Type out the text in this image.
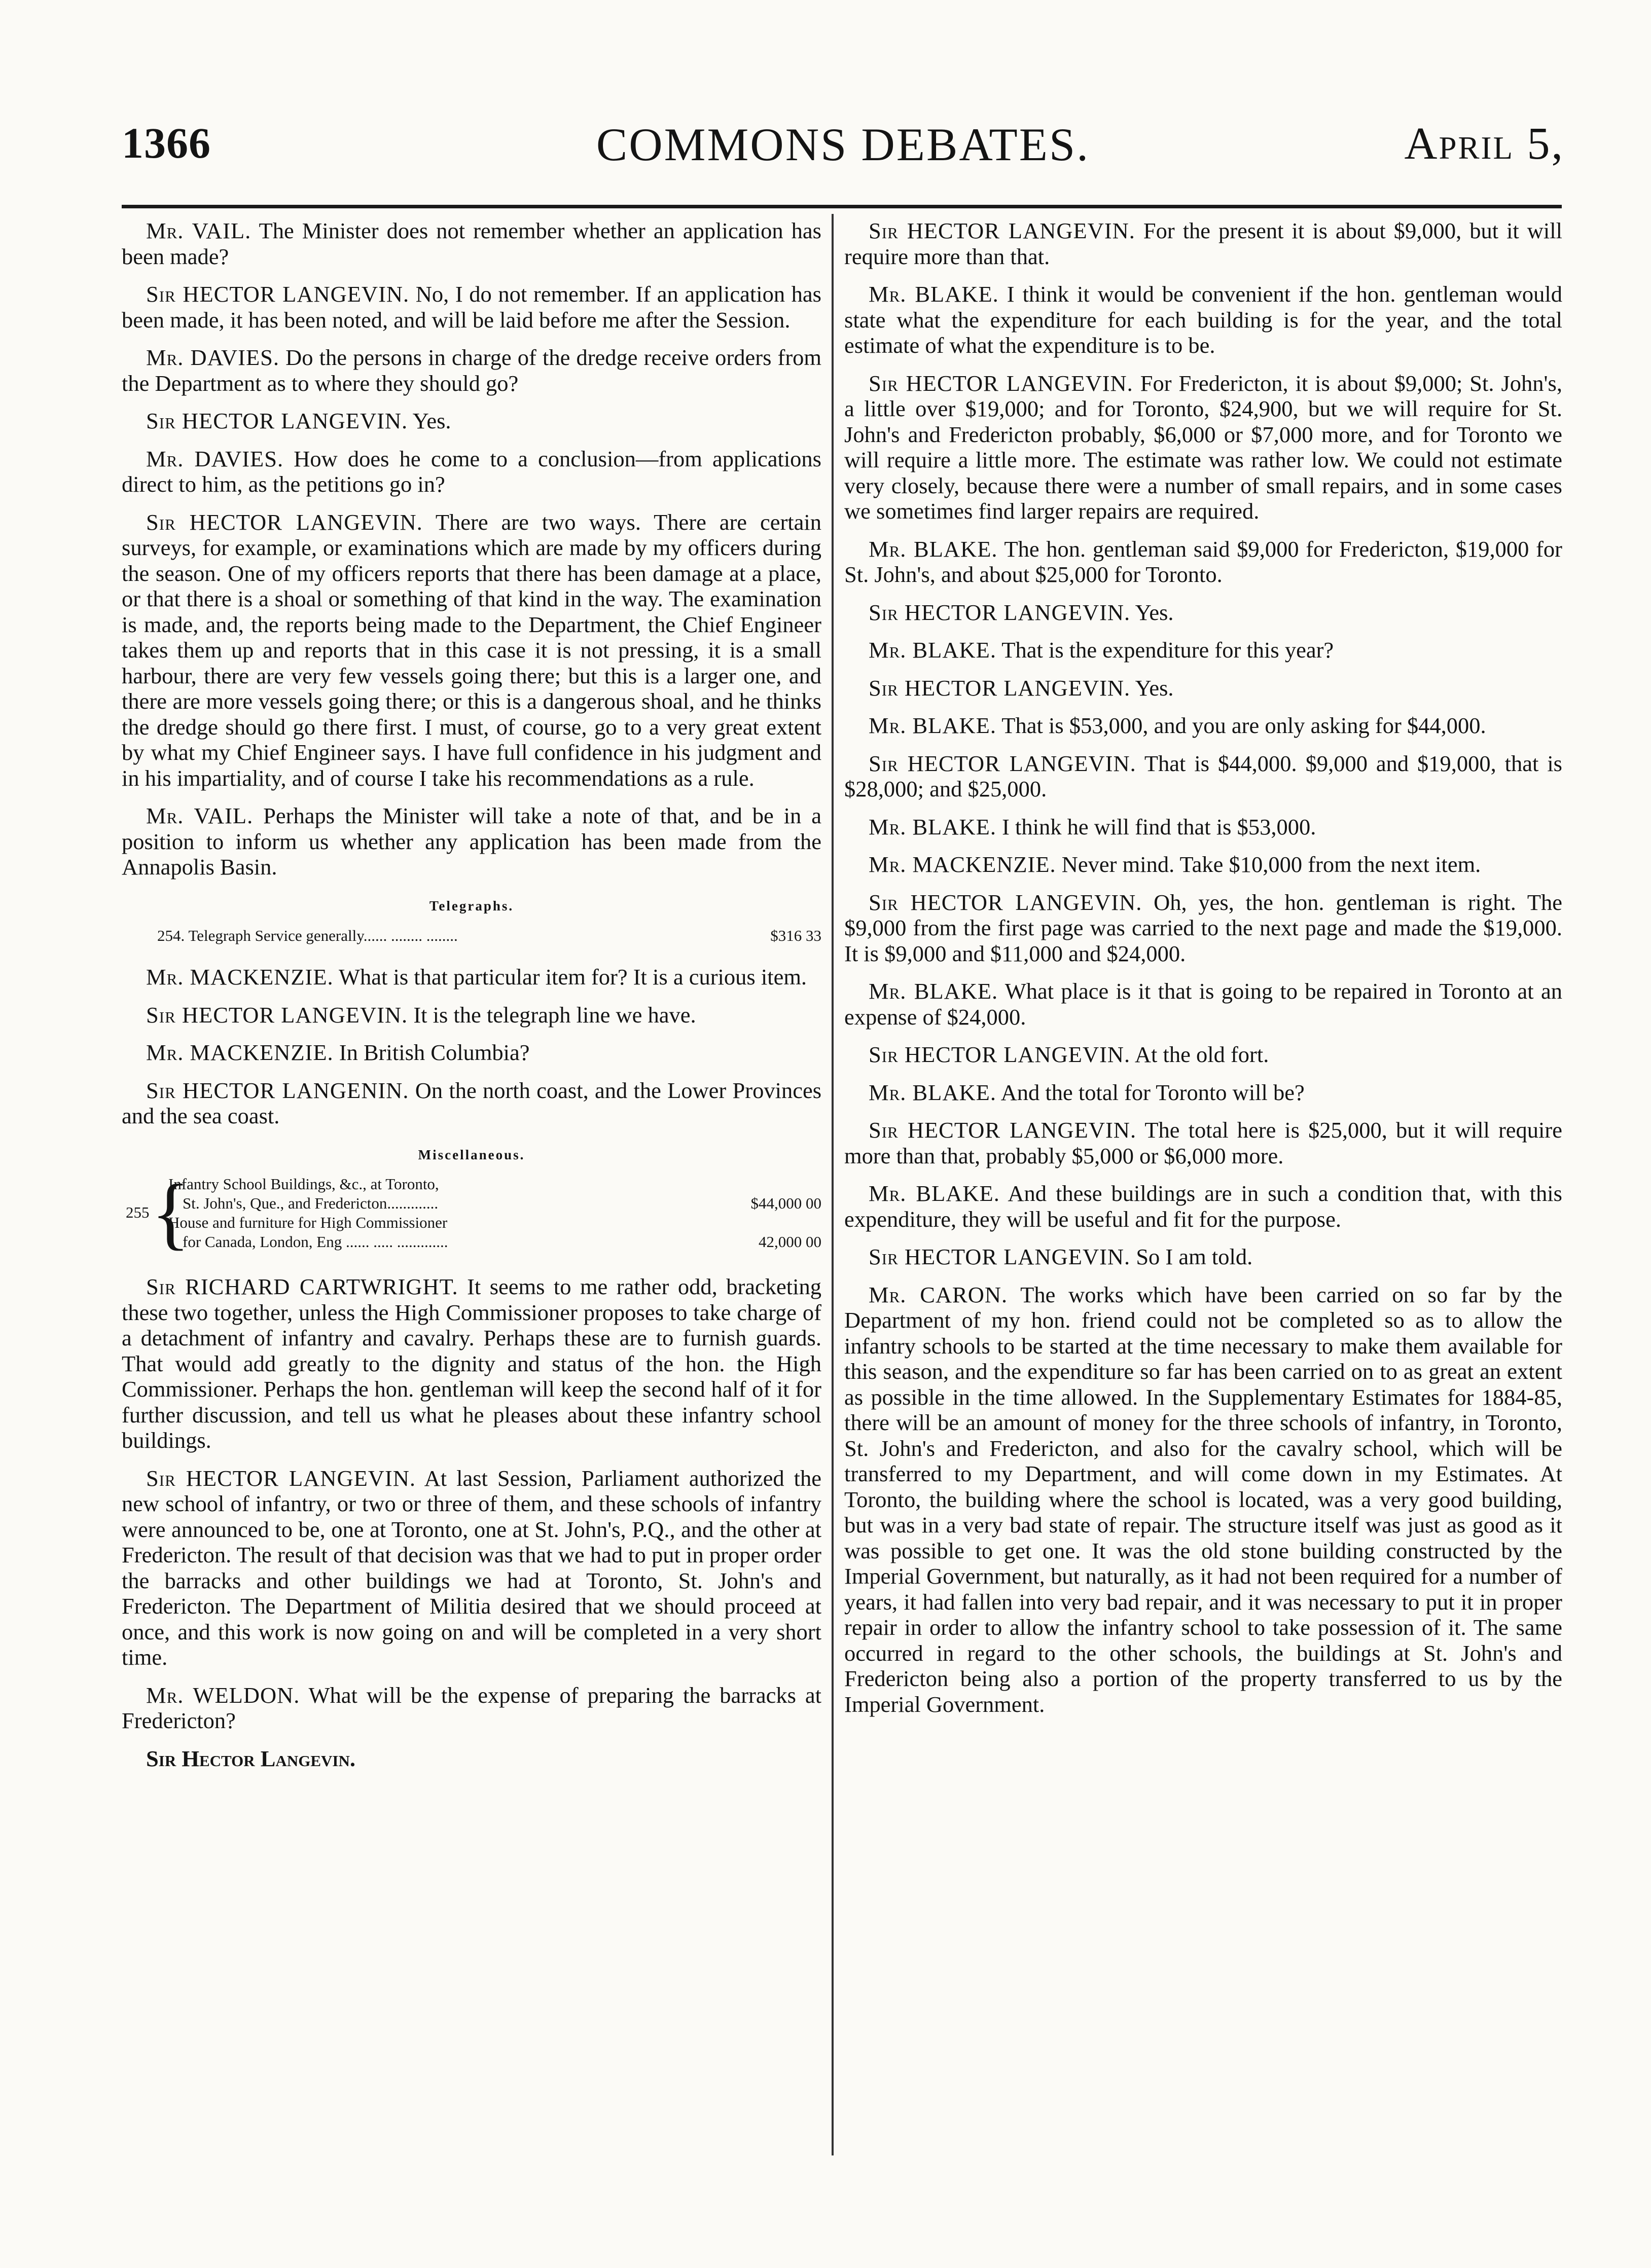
1366	COMMONS DEBATES.	April 5,

Mr. VAIL. The Minister does not remember whether an application has been made?

Sir HECTOR LANGEVIN. No, I do not remember. If an application has been made, it has been noted, and will be laid before me after the Session.

Mr. DAVIES. Do the persons in charge of the dredge receive orders from the Department as to where they should go?

Sir HECTOR LANGEVIN. Yes.

Mr. DAVIES. How does he come to a conclusion—from applications direct to him, as the petitions go in?

Sir HECTOR LANGEVIN. There are two ways. There are certain surveys, for example, or examinations which are made by my officers during the season. One of my officers reports that there has been damage at a place, or that there is a shoal or something of that kind in the way. The examination is made, and, the reports being made to the Department, the Chief Engineer takes them up and reports that in this case it is not pressing, it is a small harbour, there are very few vessels going there; but this is a larger one, and there are more vessels going there; or this is a dangerous shoal, and he thinks the dredge should go there first. I must, of course, go to a very great extent by what my Chief Engineer says. I have full confidence in his judgment and in his impartiality, and of course I take his recommendations as a rule.

Mr. VAIL. Perhaps the Minister will take a note of that, and be in a position to inform us whether any application has been made from the Annapolis Basin.

Telegraphs.
254. Telegraph Service generally...... ........ ........	$316 33

Mr. MACKENZIE. What is that particular item for? It is a curious item.

Sir HECTOR LANGEVIN. It is the telegraph line we have.

Mr. MACKENZIE. In British Columbia?

Sir HECTOR LANGENIN. On the north coast, and the Lower Provinces and the sea coast.

Miscellaneous.
255 {
Infantry School Buildings, &c., at Toronto,
St. John's, Que., and Fredericton.............	$44,000 00
House and furniture for High Commissioner
for Canada, London, Eng ...... ..... .............	42,000 00

Sir RICHARD CARTWRIGHT. It seems to me rather odd, bracketing these two together, unless the High Commissioner proposes to take charge of a detachment of infantry and cavalry. Perhaps these are to furnish guards. That would add greatly to the dignity and status of the hon. the High Commissioner. Perhaps the hon. gentleman will keep the second half of it for further discussion, and tell us what he pleases about these infantry school buildings.

Sir HECTOR LANGEVIN. At last Session, Parliament authorized the new school of infantry, or two or three of them, and these schools of infantry were announced to be, one at Toronto, one at St. John's, P.Q., and the other at Fredericton. The result of that decision was that we had to put in proper order the barracks and other buildings we had at Toronto, St. John's and Fredericton. The Department of Militia desired that we should proceed at once, and this work is now going on and will be completed in a very short time.

Mr. WELDON. What will be the expense of preparing the barracks at Fredericton?

Sir Hector Langevin.

Sir HECTOR LANGEVIN. For the present it is about $9,000, but it will require more than that.

Mr. BLAKE. I think it would be convenient if the hon. gentleman would state what the expenditure for each building is for the year, and the total estimate of what the expenditure is to be.

Sir HECTOR LANGEVIN. For Fredericton, it is about $9,000; St. John's, a little over $19,000; and for Toronto, $24,900, but we will require for St. John's and Fredericton probably, $6,000 or $7,000 more, and for Toronto we will require a little more. The estimate was rather low. We could not estimate very closely, because there were a number of small repairs, and in some cases we sometimes find larger repairs are required.

Mr. BLAKE. The hon. gentleman said $9,000 for Fredericton, $19,000 for St. John's, and about $25,000 for Toronto.

Sir HECTOR LANGEVIN. Yes.

Mr. BLAKE. That is the expenditure for this year?

Sir HECTOR LANGEVIN. Yes.

Mr. BLAKE. That is $53,000, and you are only asking for $44,000.

Sir HECTOR LANGEVIN. That is $44,000. $9,000 and $19,000, that is $28,000; and $25,000.

Mr. BLAKE. I think he will find that is $53,000.

Mr. MACKENZIE. Never mind. Take $10,000 from the next item.

Sir HECTOR LANGEVIN. Oh, yes, the hon. gentleman is right. The $9,000 from the first page was carried to the next page and made the $19,000. It is $9,000 and $11,000 and $24,000.

Mr. BLAKE. What place is it that is going to be repaired in Toronto at an expense of $24,000.

Sir HECTOR LANGEVIN. At the old fort.

Mr. BLAKE. And the total for Toronto will be?

Sir HECTOR LANGEVIN. The total here is $25,000, but it will require more than that, probably $5,000 or $6,000 more.

Mr. BLAKE. And these buildings are in such a condition that, with this expenditure, they will be useful and fit for the purpose.

Sir HECTOR LANGEVIN. So I am told.

Mr. CARON. The works which have been carried on so far by the Department of my hon. friend could not be completed so as to allow the infantry schools to be started at the time necessary to make them available for this season, and the expenditure so far has been carried on to as great an extent as possible in the time allowed. In the Supplementary Estimates for 1884-85, there will be an amount of money for the three schools of infantry, in Toronto, St. John's and Fredericton, and also for the cavalry school, which will be transferred to my Department, and will come down in my Estimates. At Toronto, the building where the school is located, was a very good building, but was in a very bad state of repair. The structure itself was just as good as it was possible to get one. It was the old stone building constructed by the Imperial Government, but naturally, as it had not been required for a number of years, it had fallen into very bad repair, and it was necessary to put it in proper repair in order to allow the infantry school to take possession of it. The same occurred in regard to the other schools, the buildings at St. John's and Fredericton being also a portion of the property transferred to us by the Imperial Government.
